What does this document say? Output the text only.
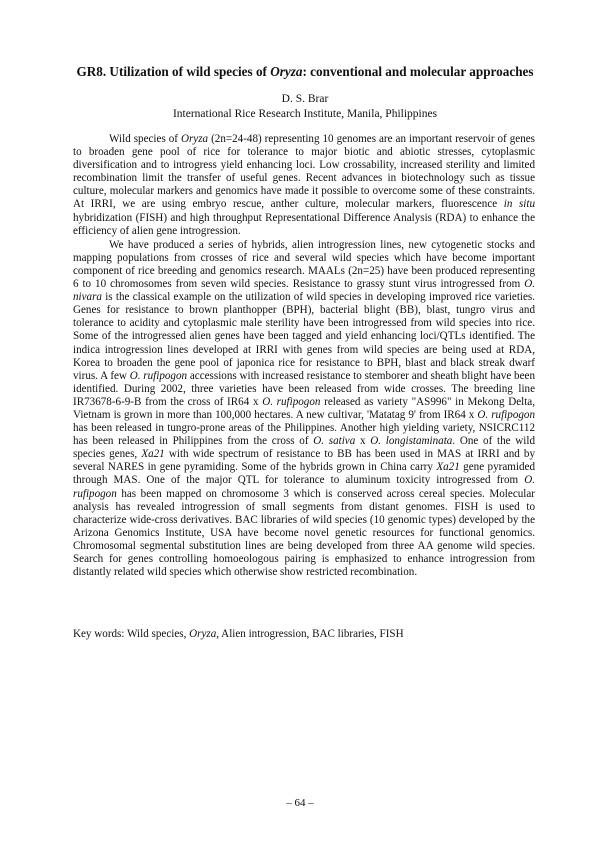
GR8. Utilization of wild species of Oryza: conventional and molecular approaches
D. S. Brar
International Rice Research Institute, Manila, Philippines

Wild species of Oryza (2n=24-48) representing 10 genomes are an important reservoir of genes to broaden gene pool of rice for tolerance to major biotic and abiotic stresses, cytoplasmic diversification and to introgress yield enhancing loci. Low crossability, increased sterility and limited recombination limit the transfer of useful genes. Recent advances in biotechnology such as tissue culture, molecular markers and genomics have made it possible to overcome some of these constraints. At IRRI, we are using embryo rescue, anther culture, molecular markers, fluorescence in situ hybridization (FISH) and high throughput Representational Difference Analysis (RDA) to enhance the efficiency of alien gene introgression.

We have produced a series of hybrids, alien introgression lines, new cytogenetic stocks and mapping populations from crosses of rice and several wild species which have become important component of rice breeding and genomics research. MAALs (2n=25) have been produced representing 6 to 10 chromosomes from seven wild species. Resistance to grassy stunt virus introgressed from O. nivara is the classical example on the utilization of wild species in developing improved rice varieties. Genes for resistance to brown planthopper (BPH), bacterial blight (BB), blast, tungro virus and tolerance to acidity and cytoplasmic male sterility have been introgressed from wild species into rice. Some of the introgressed alien genes have been tagged and yield enhancing loci/QTLs identified. The indica introgression lines developed at IRRI with genes from wild species are being used at RDA, Korea to broaden the gene pool of japonica rice for resistance to BPH, blast and black streak dwarf virus. A few O. rufipogon accessions with increased resistance to stemborer and sheath blight have been identified. During 2002, three varieties have been released from wide crosses. The breeding line IR73678-6-9-B from the cross of IR64 x O. rufipogon released as variety "AS996" in Mekong Delta, Vietnam is grown in more than 100,000 hectares. A new cultivar, 'Matatag 9' from IR64 x O. rufipogon has been released in tungro-prone areas of the Philippines. Another high yielding variety, NSICRC112 has been released in Philippines from the cross of O. sativa x O. longistaminata. One of the wild species genes, Xa21 with wide spectrum of resistance to BB has been used in MAS at IRRI and by several NARES in gene pyramiding. Some of the hybrids grown in China carry Xa21 gene pyramided through MAS. One of the major QTL for tolerance to aluminum toxicity introgressed from O. rufipogon has been mapped on chromosome 3 which is conserved across cereal species. Molecular analysis has revealed introgression of small segments from distant genomes. FISH is used to characterize wide-cross derivatives. BAC libraries of wild species (10 genomic types) developed by the Arizona Genomics Institute, USA have become novel genetic resources for functional genomics. Chromosomal segmental substitution lines are being developed from three AA genome wild species. Search for genes controlling homoeologous pairing is emphasized to enhance introgression from distantly related wild species which otherwise show restricted recombination.

Key words: Wild species, Oryza, Alien introgression, BAC libraries, FISH
– 64 –
